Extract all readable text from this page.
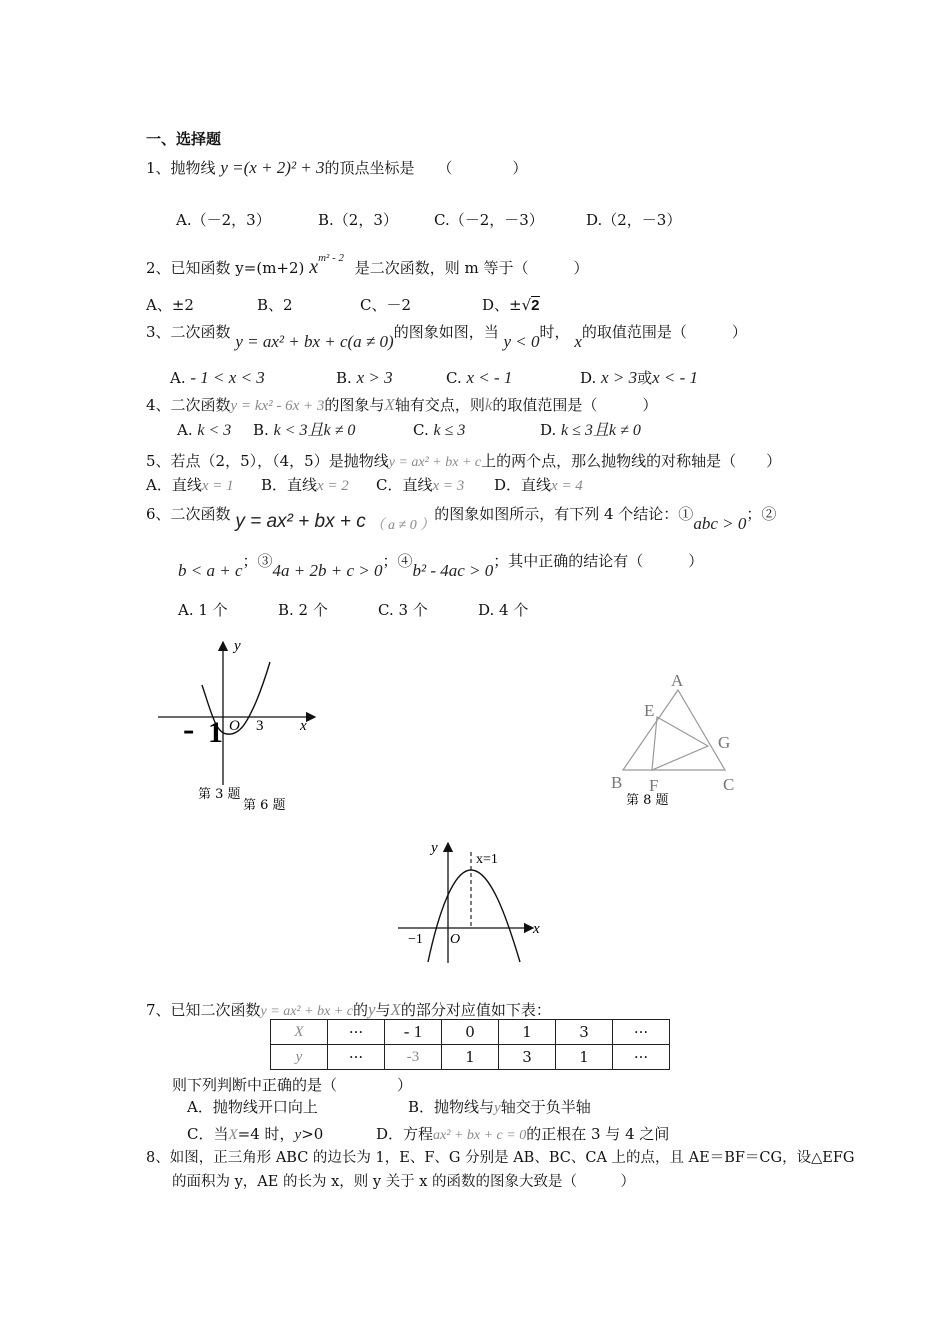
一、选择题
1、抛物线 y =(x + 2)² + 3的顶点坐标是 （　　　　）
A.（－2，3）	B.（2，3） C.（－2，－3）	D.（2，－3）
2、已知函数 y=(m+2) $x^{m^2 - 2}$ 是二次函数，则 m 等于（　　　）
A、±2	B、2	C、－2	D、±√2
3、二次函数 y = ax² + bx + c(a ≠ 0)的图象如图，当 y < 0时， x的取值范围是（　　　）
A. - 1 < x < 3	B. x > 3	C. x < - 1	D. x > 3或x < - 1
4、二次函数y = kx² - 6x + 3的图象与X轴有交点，则k的取值范围是（　　　）
A. k < 3 B. k < 3且k ≠ 0	C. k ≤ 3	D. k ≤ 3且k ≠ 0
5、若点（2，5），（4，5）是抛物线y = ax² + bx + c上的两个点，那么抛物线的对称轴是（　　）
A．直线x = 1 B．直线x = 2 C．直线x = 3 D．直线x = 4
6、二次函数 y = ax² + bx + c （ a ≠ 0 ）的图象如图所示，有下列 4 个结论：①abc > 0；②
b < a + c；③4a + 2b + c > 0；④b² - 4ac > 0；其中正确的结论有（　　　）
A. 1 个	B. 2 个	C. 3 个	D. 4 个
y
x
- 1 O 3
第 3 题
第 6 题
A
E
G
B F	C
第 8 题
y
x
x=1
−1 O
7、已知二次函数y = ax² + bx + c的y与X的部分对应值如下表：
X	···	- 1	0	1	3	···
y	···	-3	1	3	1	···
则下列判断中正确的是（　　　　）
A．抛物线开口向上	B．抛物线与y轴交于负半轴
C．当X=4 时，y>0	D．方程ax² + bx + c = 0的正根在 3 与 4 之间
8、如图，正三角形 ABC 的边长为 1，E、F、G 分别是 AB、BC、CA 上的点，且 AE＝BF＝CG，设△EFG
的面积为 y，AE 的长为 x，则 y 关于 x 的函数的图象大致是（　　　）
